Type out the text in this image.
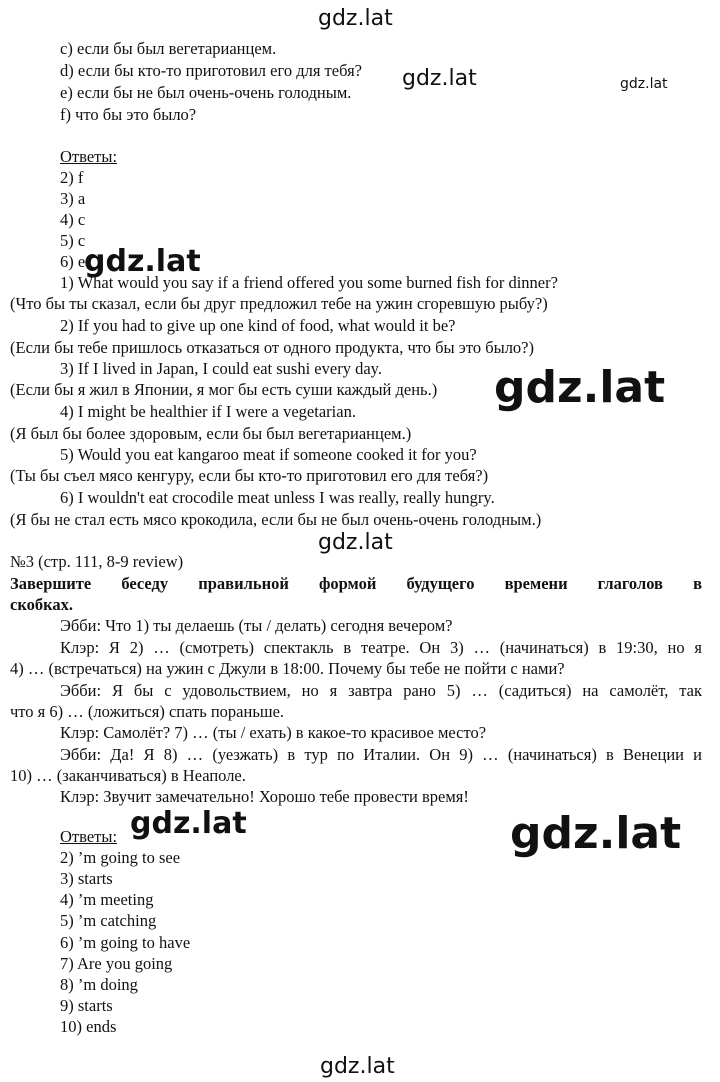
gdz.lat
gdz.lat	gdz.lat
gdz.lat
gdz.lat
gdz.lat
gdz.lat	gdz.lat
gdz.lat
c) если бы был вегетарианцем.
d) если бы кто-то приготовил его для тебя?
e) если бы не был очень-очень голодным.
f) что бы это было?
Ответы:
2) f
3) a
4) c
5) c
6) e
1) What would you say if a friend offered you some burned fish for dinner?
(Что бы ты сказал, если бы друг предложил тебе на ужин сгоревшую рыбу?)
2) If you had to give up one kind of food, what would it be?
(Если бы тебе пришлось отказаться от одного продукта, что бы это было?)
3) If I lived in Japan, I could eat sushi every day.
(Если бы я жил в Японии, я мог бы есть суши каждый день.)
4) I might be healthier if I were a vegetarian.
(Я был бы более здоровым, если бы был вегетарианцем.)
5) Would you eat kangaroo meat if someone cooked it for you?
(Ты бы съел мясо кенгуру, если бы кто-то приготовил его для тебя?)
6) I wouldn't eat crocodile meat unless I was really, really hungry.
(Я бы не стал есть мясо крокодила, если бы не был очень-очень голодным.)
№3 (стр. 111, 8-9 review)
Завершите беседу правильной формой будущего времени глаголов в
скобках.
Эбби: Что 1) ты делаешь (ты / делать) сегодня вечером?
Клэр: Я 2) … (смотреть) спектакль в театре. Он 3) … (начинаться) в 19:30, но я
4) … (встречаться) на ужин с Джули в 18:00. Почему бы тебе не пойти с нами?
Эбби: Я бы с удовольствием, но я завтра рано 5) … (садиться) на самолёт, так
что я 6) … (ложиться) спать пораньше.
Клэр: Самолёт? 7) … (ты / ехать) в какое-то красивое место?
Эбби: Да! Я 8) … (уезжать) в тур по Италии. Он 9) … (начинаться) в Венеции и
10) … (заканчиваться) в Неаполе.
Клэр: Звучит замечательно! Хорошо тебе провести время!
Ответы:
2) ’m going to see
3) starts
4) ’m meeting
5) ’m catching
6) ’m going to have
7) Are you going
8) ’m doing
9) starts
10) ends
